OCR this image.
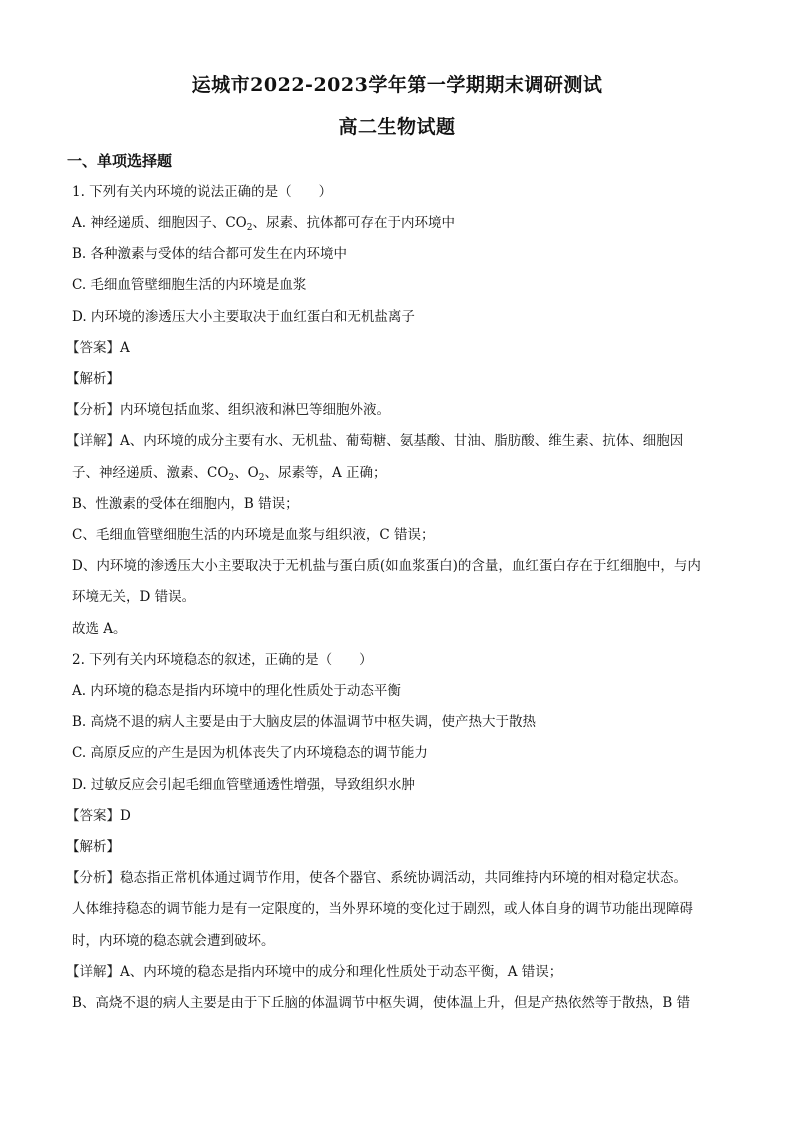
运城市2022-2023学年第一学期期末调研测试
高二生物试题
一、单项选择题
1. 下列有关内环境的说法正确的是（　　）
A. 神经递质、细胞因子、$CO_2$、尿素、抗体都可存在于内环境中
B. 各种激素与受体的结合都可发生在内环境中
C. 毛细血管壁细胞生活的内环境是血浆
D. 内环境的渗透压大小主要取决于血红蛋白和无机盐离子
【答案】A
【解析】
【分析】内环境包括血浆、组织液和淋巴等细胞外液。
【详解】A、内环境的成分主要有水、无机盐、葡萄糖、氨基酸、甘油、脂肪酸、维生素、抗体、细胞因
子、神经递质、激素、$CO_2$、$O_2$、尿素等，A 正确；
B、性激素的受体在细胞内，B 错误；
C、毛细血管壁细胞生活的内环境是血浆与组织液，C 错误；
D、内环境的渗透压大小主要取决于无机盐与蛋白质(如血浆蛋白)的含量，血红蛋白存在于红细胞中，与内
环境无关，D 错误。
故选 A。
2. 下列有关内环境稳态的叙述，正确的是（　　）
A. 内环境的稳态是指内环境中的理化性质处于动态平衡
B. 高烧不退的病人主要是由于大脑皮层的体温调节中枢失调，使产热大于散热
C. 高原反应的产生是因为机体丧失了内环境稳态的调节能力
D. 过敏反应会引起毛细血管壁通透性增强，导致组织水肿
【答案】D
【解析】
【分析】稳态指正常机体通过调节作用，使各个器官、系统协调活动，共同维持内环境的相对稳定状态。
人体维持稳态的调节能力是有一定限度的，当外界环境的变化过于剧烈，或人体自身的调节功能出现障碍
时，内环境的稳态就会遭到破坏。
【详解】A、内环境的稳态是指内环境中的成分和理化性质处于动态平衡，A 错误；
B、高烧不退的病人主要是由于下丘脑的体温调节中枢失调，使体温上升，但是产热依然等于散热，B 错
